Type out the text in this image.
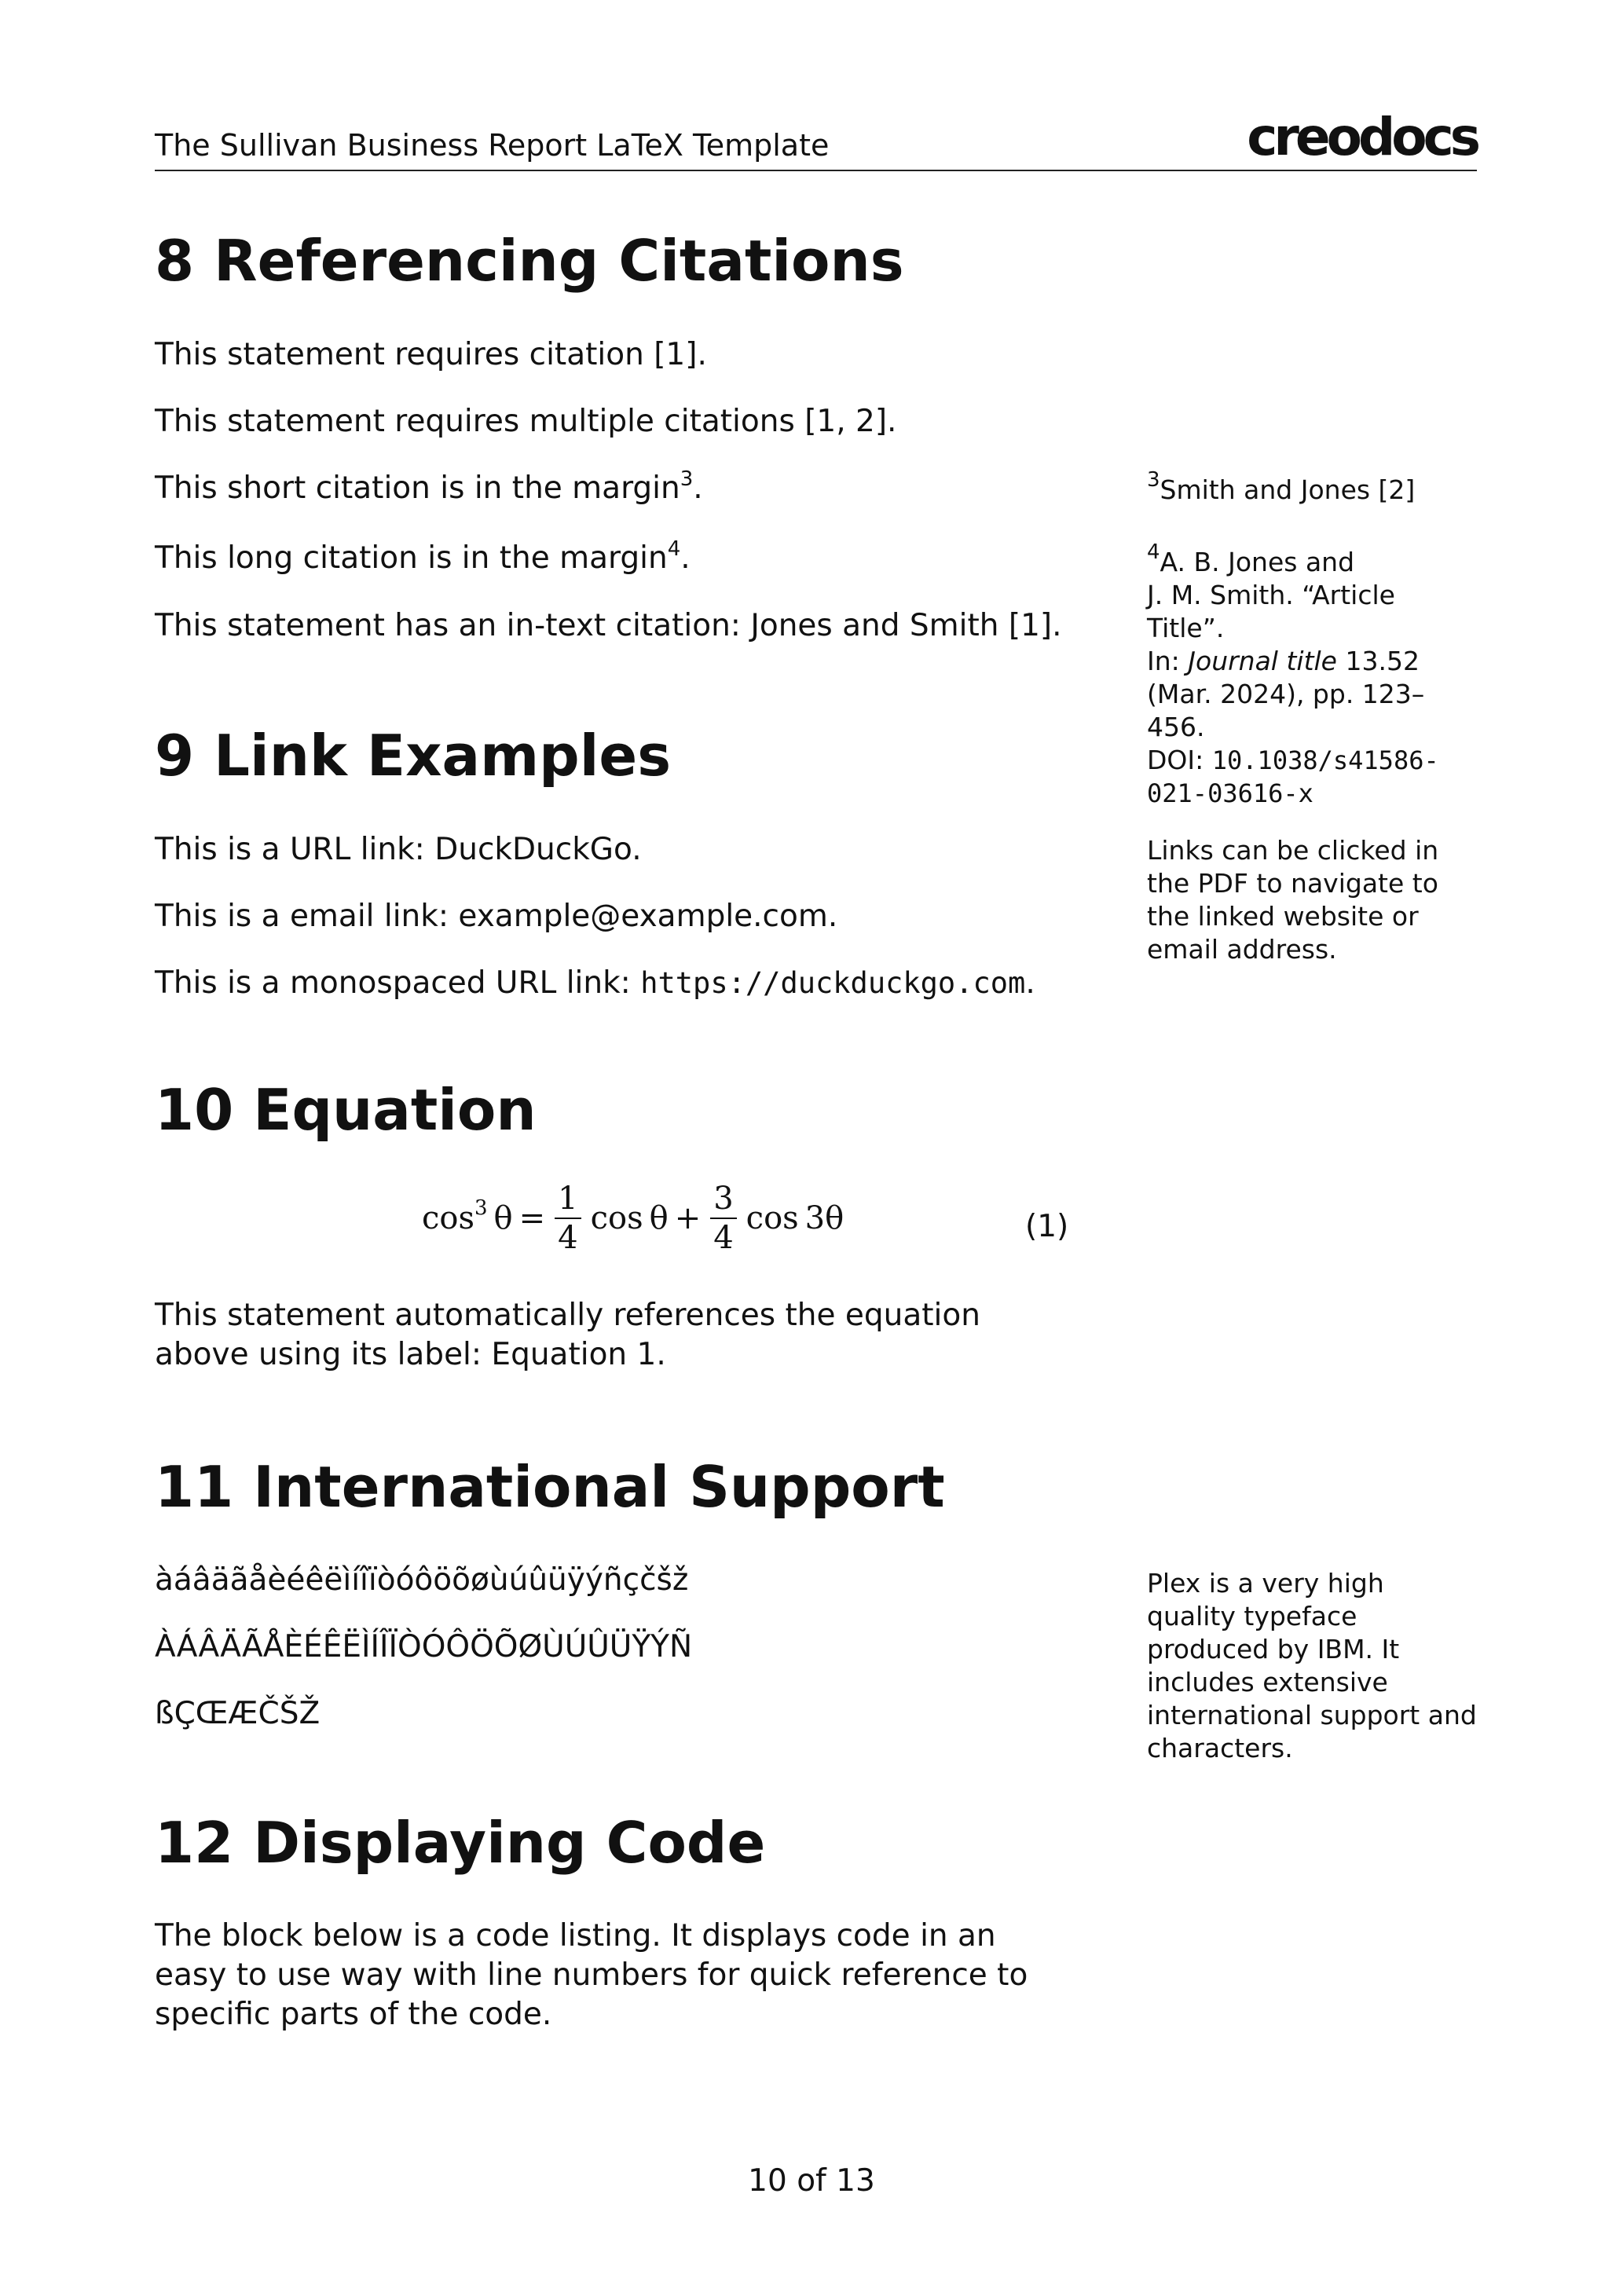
The Sullivan Business Report LaTeX Template	creodocs
8 Referencing Citations
This statement requires citation [1].
This statement requires multiple citations [1, 2].
This short citation is in the margin$^3$.
This long citation is in the margin$^4$.
This statement has an in-text citation: Jones and Smith [1].
$^3$Smith and Jones [2]
$^4$A. B. Jones and
J. M. Smith. “Article Title”.
In: Journal title 13.52
(Mar. 2024), pp. 123–456.
DOI: 10.1038/s41586-
021-03616-x
9 Link Examples
This is a URL link: DuckDuckGo.
This is a email link: example@example.com.
This is a monospaced URL link: https://duckduckgo.com.
Links can be clicked in the PDF to navigate to the linked website or email address.
10 Equation
$\cos^3 \theta = \frac{1}{4}$ $\cos \theta + \frac{3}{4}$ cos 3θ	(1)
This statement automatically references the equation above using its label: Equation 1.
11 International Support
àáâäãåèéêëìíîïòóôöõøùúûüÿýñçčšž
ÀÁÂÄÃÅÈÉÊËÌÍÎÏÒÓÔÖÕØÙÚÛÜŸÝÑ
ßÇŒÆČŠŽ
Plex is a very high quality typeface produced by IBM. It includes extensive international support and characters.
12 Displaying Code
The block below is a code listing. It displays code in an easy to use way with line numbers for quick reference to specific parts of the code.
10 of 13
